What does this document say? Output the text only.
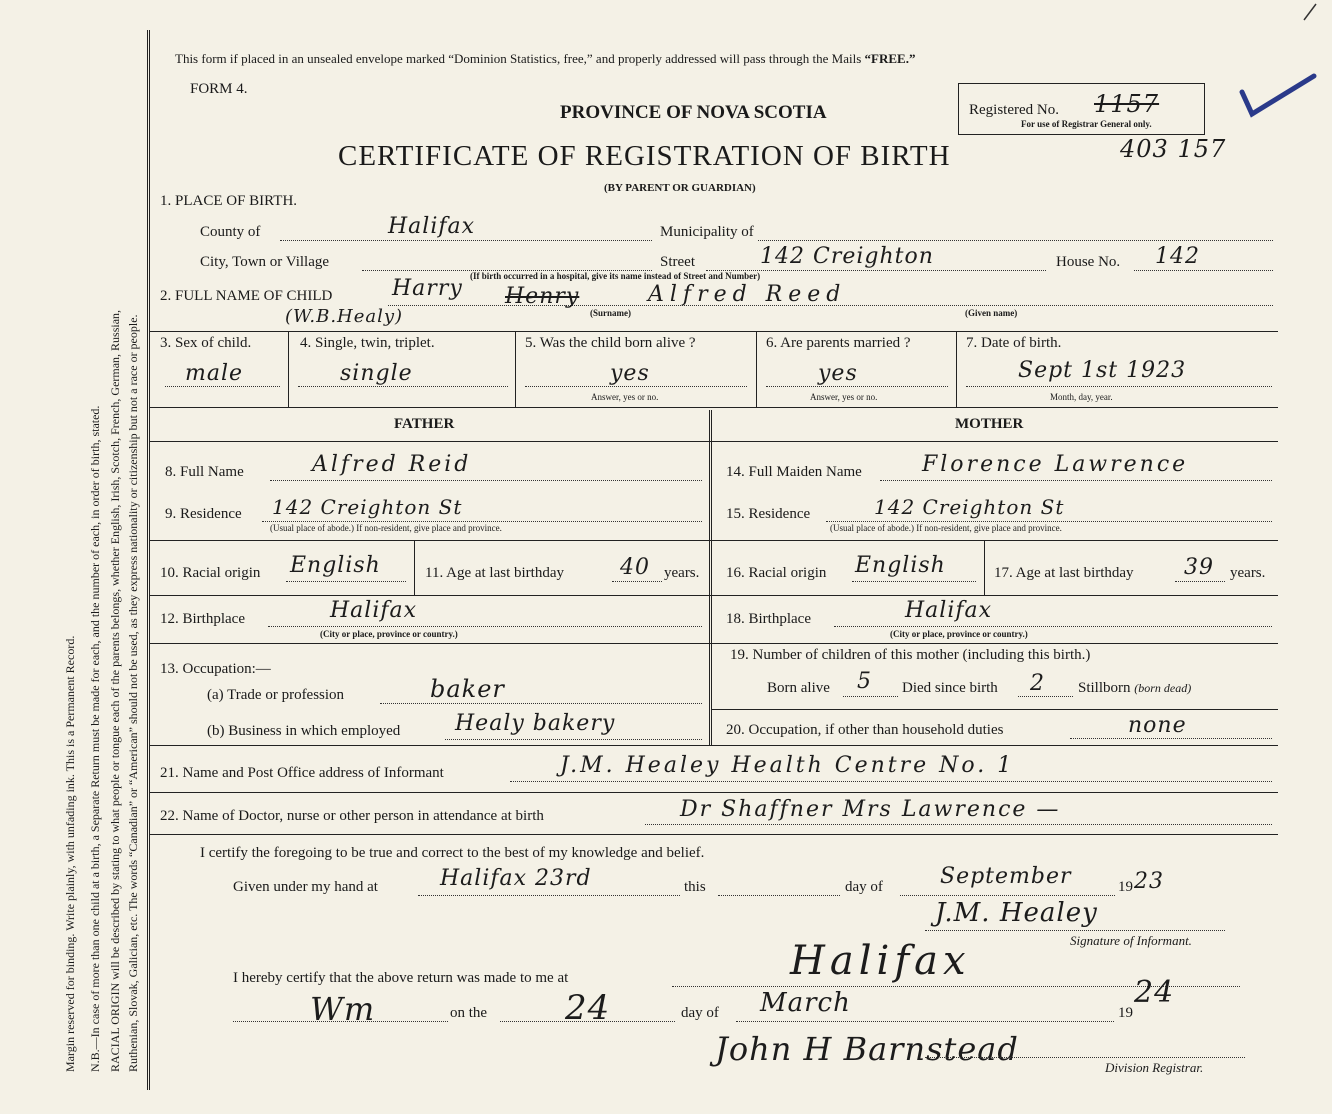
Margin reserved for binding. Write plainly, with unfading ink. This is a Permanent Record. N.B.—In case of more than one child at a birth, a Separate Return must be made for each, and the number of each, in order of birth, stated. RACIAL ORIGIN will be described by stating to what people or tongue each of the parents belongs, whether English, Irish, Scotch, French, German, Russian, Ruthenian, Slovak, Galician, etc. The words “Canadian” or “American” should not be used, as they express nationality or citizenship but not a race or people.
This form if placed in an unsealed envelope marked “Dominion Statistics, free,” and properly addressed will pass through the Mails “FREE.”
FORM 4.
PROVINCE OF NOVA SCOTIA
CERTIFICATE OF REGISTRATION OF BIRTH
(BY PARENT OR GUARDIAN)
Registered No. 1157
For use of Registrar General only.
403 157
1. PLACE OF BIRTH.
County of	Halifax	Municipality of
City, Town or Village	Street	142 Creighton	House No. 142
(If birth occurred in a hospital, give its name instead of Street and Number)
2. FULL NAME OF CHILD	Harry Henry	Alfred Reed
(W.B.Healy)	(Surname)	(Given name)
3. Sex of child.
male
4. Single, twin, triplet.
single
5. Was the child born alive ?
yes
Answer, yes or no.
6. Are parents married ?
yes
Answer, yes or no.
7. Date of birth.
Sept 1st 1923
Month, day, year.
FATHER	MOTHER
8. Full Name	Alfred Reid	14. Full Maiden Name	Florence Lawrence
9. Residence 142 Creighton St
(Usual place of abode.) If non-resident, give place and province.
15. Residence	142 Creighton St
(Usual place of abode.) If non-resident, give place and province.
10. Racial origin English	11. Age at last birthday	40 years. 16. Racial origin English	17. Age at last birthday 39 years.
12. Birthplace	Halifax
(City or place, province or country.)
18. Birthplace	Halifax
(City or place, province or country.)
13. Occupation:—
(a) Trade or profession	baker
(b) Business in which employed Healy bakery
19. Number of children of this mother (including this birth.)
Born alive 5 Died since birth 2 Stillborn (born dead)
20. Occupation, if other than household duties	none
21. Name and Post Office address of Informant	J.M. Healey Health Centre No. 1
22. Name of Doctor, nurse or other person in attendance at birth	Dr Shaffner Mrs Lawrence —
I certify the foregoing to be true and correct to the best of my knowledge and belief.
Given under my hand at	Halifax 23rd	this	day of	September	19 23
J.M. Healey
Signature of Informant.
I hereby certify that the above return was made to me at	Halifax
Wm	on the 24	day of March	19
24
John H Barnstead	Division Registrar.
